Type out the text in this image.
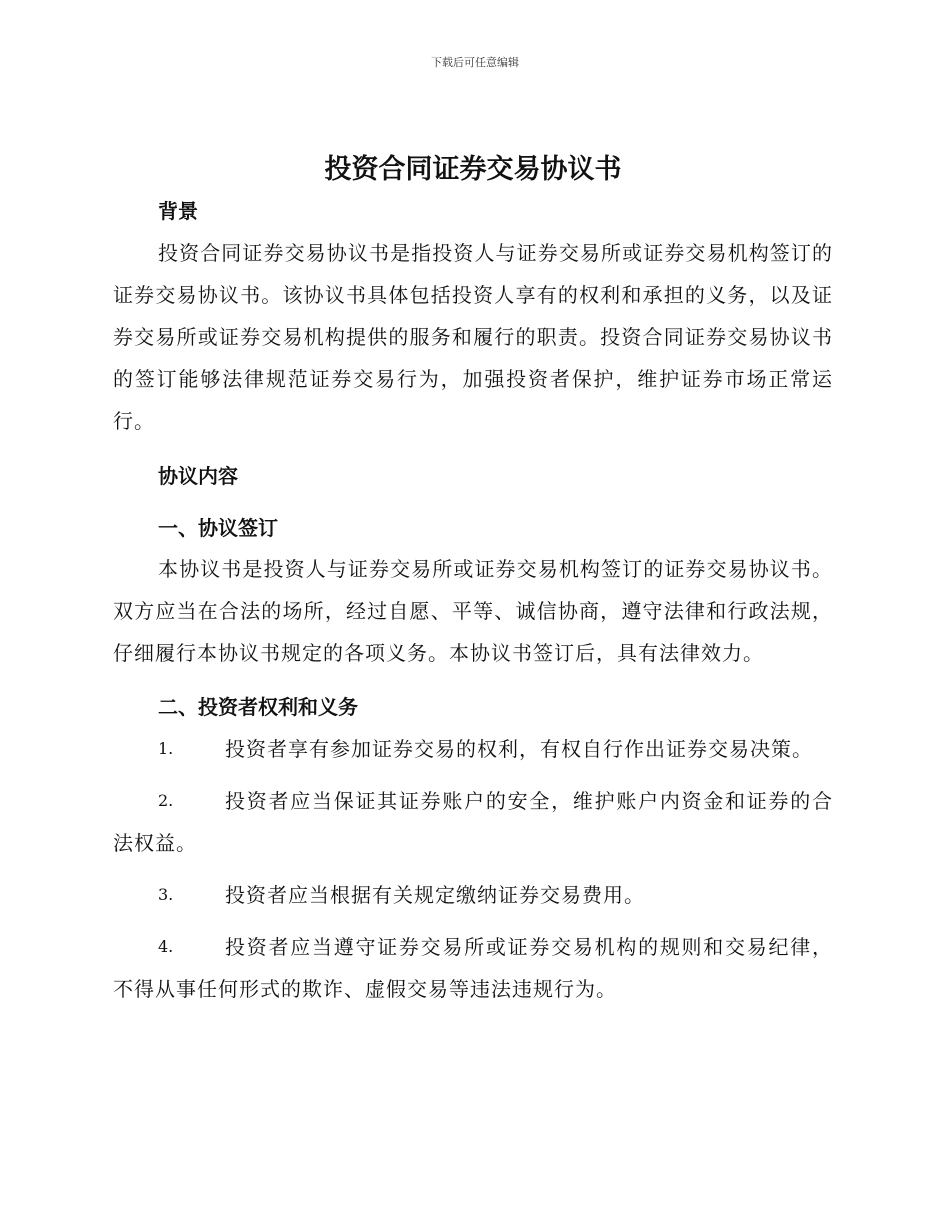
下载后可任意编辑
投资合同证券交易协议书
背景

投资合同证券交易协议书是指投资人与证券交易所或证券交易机构签订的证券交易协议书。该协议书具体包括投资人享有的权利和承担的义务，以及证券交易所或证券交易机构提供的服务和履行的职责。投资合同证券交易协议书的签订能够法律规范证券交易行为，加强投资者保护，维护证券市场正常运行。

协议内容
一、协议签订

本协议书是投资人与证券交易所或证券交易机构签订的证券交易协议书。双方应当在合法的场所，经过自愿、平等、诚信协商，遵守法律和行政法规，仔细履行本协议书规定的各项义务。本协议书签订后，具有法律效力。

二、投资者权利和义务

1.	投资者享有参加证券交易的权利，有权自行作出证券交易决策。

2.	投资者应当保证其证券账户的安全，维护账户内资金和证券的合法权益。

3.	投资者应当根据有关规定缴纳证券交易费用。

4.	投资者应当遵守证券交易所或证券交易机构的规则和交易纪律，不得从事任何形式的欺诈、虚假交易等违法违规行为。
